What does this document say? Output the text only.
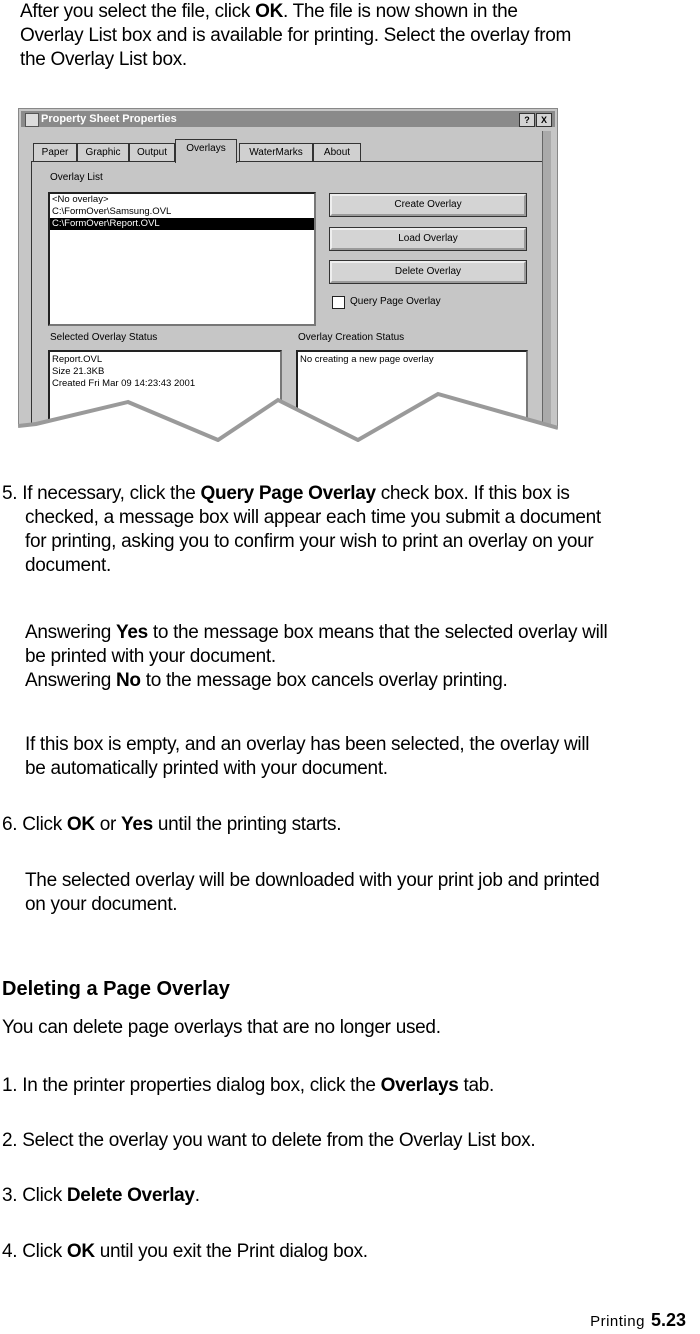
After you select the file, click OK. The file is now shown in the

Overlay List box and is available for printing. Select the overlay from

the Overlay List box.

Property Sheet Properties	?	X
Paper	Graphic	Output	Overlays	WaterMarks	About
Overlay List
<No overlay>
C:\FormOver\Samsung.OVL
C:\FormOver\Report.OVL
Create Overlay
Load Overlay
Delete Overlay
Query Page Overlay
Selected Overlay Status
Report.OVL
Size 21.3KB
Created Fri Mar 09 14:23:43 2001
Overlay Creation Status
No creating a new page overlay

5. If necessary, click the Query Page Overlay check box. If this box is

checked, a message box will appear each time you submit a document

for printing, asking you to confirm your wish to print an overlay on your

document.

Answering Yes to the message box means that the selected overlay will

be printed with your document.

Answering No to the message box cancels overlay printing.

If this box is empty, and an overlay has been selected, the overlay will

be automatically printed with your document.

6. Click OK or Yes until the printing starts.

The selected overlay will be downloaded with your print job and printed

on your document.

Deleting a Page Overlay
You can delete page overlays that are no longer used.
1. In the printer properties dialog box, click the Overlays tab.
2. Select the overlay you want to delete from the Overlay List box.
3. Click Delete Overlay.
4. Click OK until you exit the Print dialog box.
Printing 5.23
